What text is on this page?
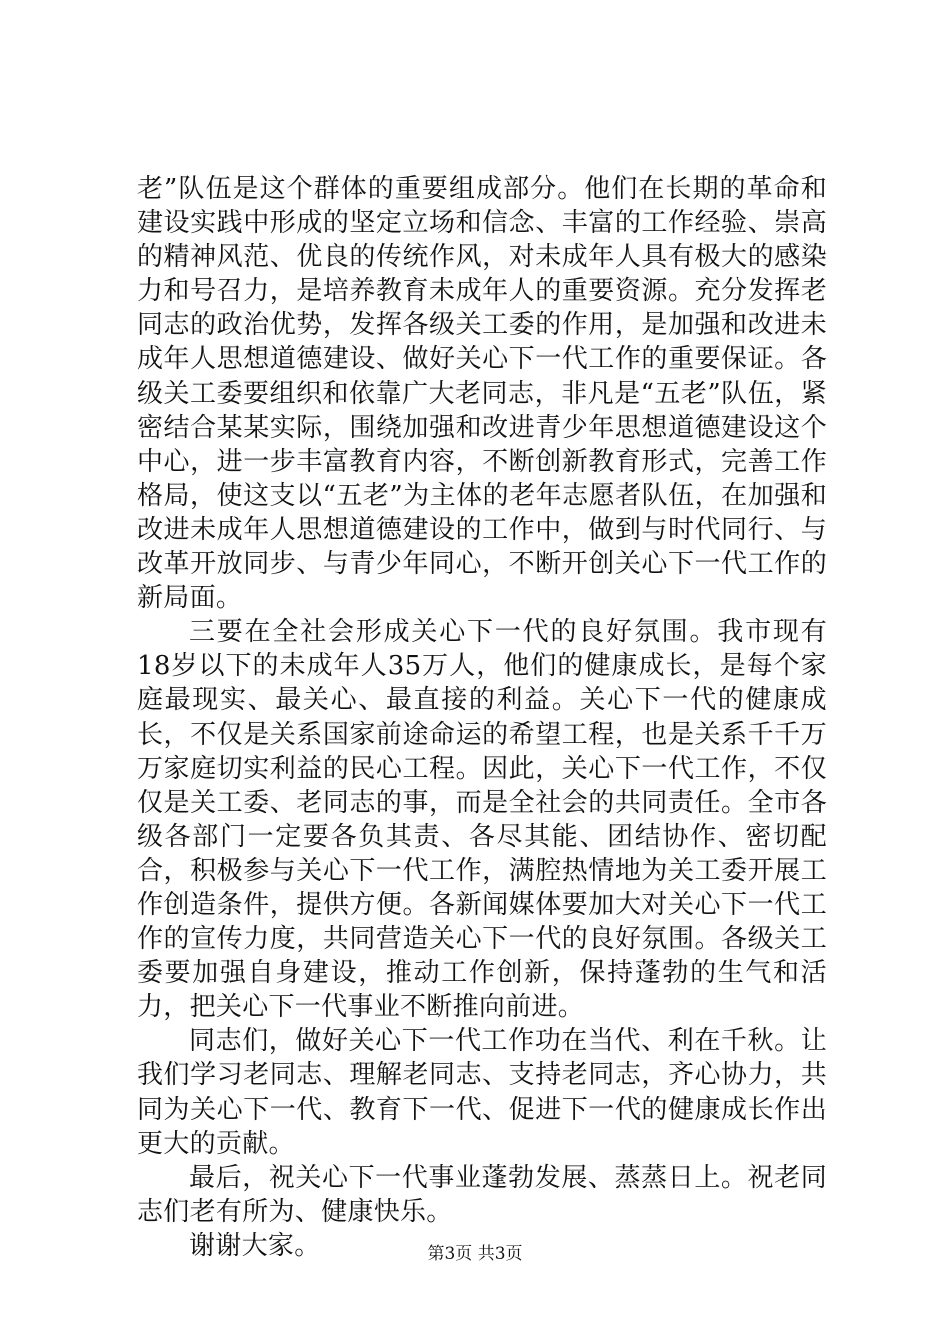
老”队伍是这个群体的重要组成部分。他们在长期的革命和建设实践中形成的坚定立场和信念、丰富的工作经验、崇高的精神风范、优良的传统作风，对未成年人具有极大的感染力和号召力，是培养教育未成年人的重要资源。充分发挥老同志的政治优势，发挥各级关工委的作用，是加强和改进未成年人思想道德建设、做好关心下一代工作的重要保证。各级关工委要组织和依靠广大老同志，非凡是“五老”队伍，紧密结合某某实际，围绕加强和改进青少年思想道德建设这个中心，进一步丰富教育内容，不断创新教育形式，完善工作格局，使这支以“五老”为主体的老年志愿者队伍，在加强和改进未成年人思想道德建设的工作中，做到与时代同行、与改革开放同步、与青少年同心，不断开创关心下一代工作的新局面。

三要在全社会形成关心下一代的良好氛围。我市现有18岁以下的未成年人35万人，他们的健康成长，是每个家庭最现实、最关心、最直接的利益。关心下一代的健康成长，不仅是关系国家前途命运的希望工程，也是关系千千万万家庭切实利益的民心工程。因此，关心下一代工作，不仅仅是关工委、老同志的事，而是全社会的共同责任。全市各级各部门一定要各负其责、各尽其能、团结协作、密切配合，积极参与关心下一代工作，满腔热情地为关工委开展工作创造条件，提供方便。各新闻媒体要加大对关心下一代工作的宣传力度，共同营造关心下一代的良好氛围。各级关工委要加强自身建设，推动工作创新，保持蓬勃的生气和活力，把关心下一代事业不断推向前进。

同志们，做好关心下一代工作功在当代、利在千秋。让我们学习老同志、理解老同志、支持老同志，齐心协力，共同为关心下一代、教育下一代、促进下一代的健康成长作出更大的贡献。

最后，祝关心下一代事业蓬勃发展、蒸蒸日上。祝老同志们老有所为、健康快乐。

谢谢大家。	第3页 共3页
